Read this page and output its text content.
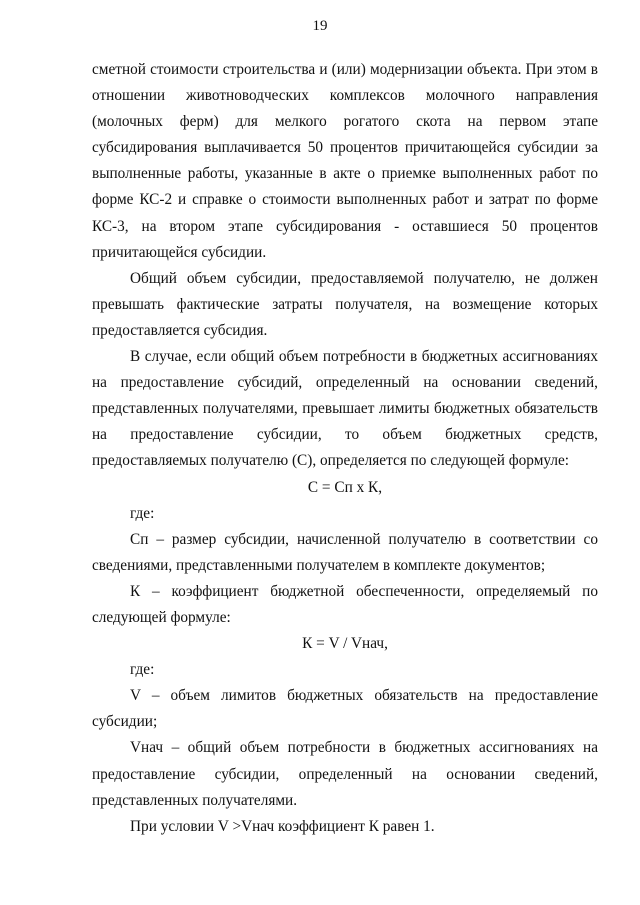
19

сметной стоимости строительства и (или) модернизации объекта. При этом в отношении животноводческих комплексов молочного направления (молочных ферм) для мелкого рогатого скота на первом этапе субсидирования выплачивается 50 процентов причитающейся субсидии за выполненные работы, указанные в акте о приемке выполненных работ по форме КС-2 и справке о стоимости выполненных работ и затрат по форме КС-3, на втором этапе субсидирования - оставшиеся 50 процентов причитающейся субсидии.

Общий объем субсидии, предоставляемой получателю, не должен превышать фактические затраты получателя, на возмещение которых предоставляется субсидия.

В случае, если общий объем потребности в бюджетных ассигнованиях на предоставление субсидий, определенный на основании сведений, представленных получателями, превышает лимиты бюджетных обязательств на предоставление субсидии, то объем бюджетных средств, предоставляемых получателю (С), определяется по следующей формуле:

С = Сп х К,

где:

Сп – размер субсидии, начисленной получателю в соответствии со сведениями, представленными получателем в комплекте документов;

К – коэффициент бюджетной обеспеченности, определяемый по следующей формуле:

К = V / Vнач,

где:

V – объем лимитов бюджетных обязательств на предоставление субсидии;

Vнач – общий объем потребности в бюджетных ассигнованиях на предоставление субсидии, определенный на основании сведений, представленных получателями.

При условии V >Vнач коэффициент К равен 1.
